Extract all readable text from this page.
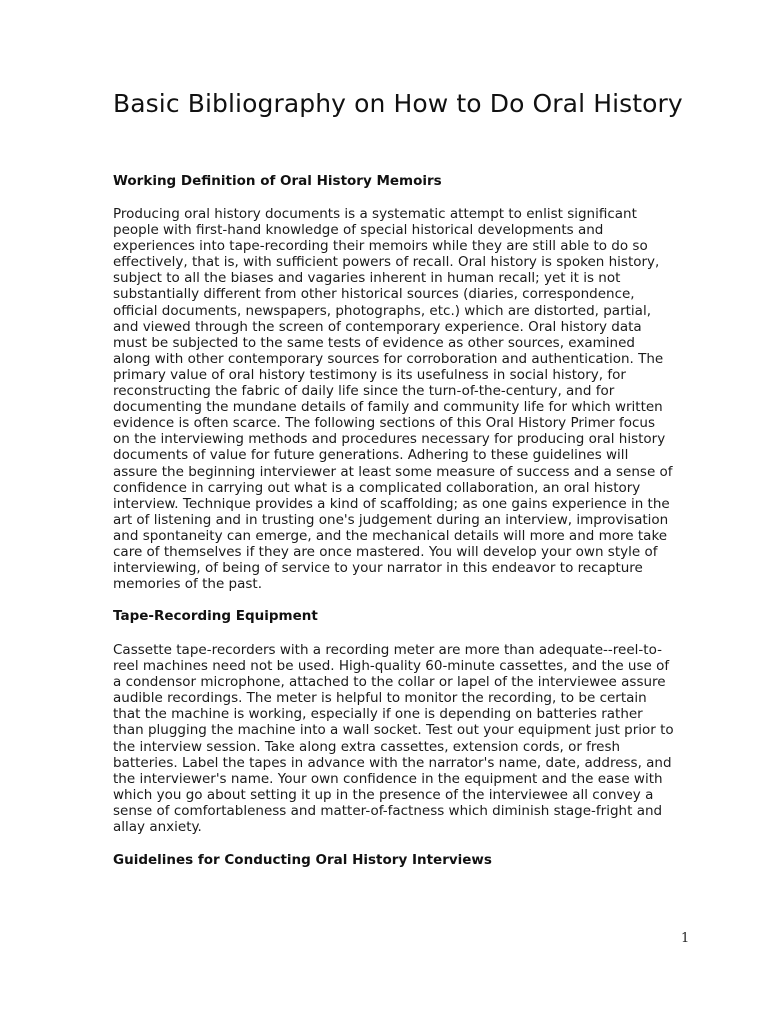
Basic Bibliography on How to Do Oral History
Working Definition of Oral History Memoirs
Producing oral history documents is a systematic attempt to enlist significant
people with first-hand knowledge of special historical developments and
experiences into tape-recording their memoirs while they are still able to do so
effectively, that is, with sufficient powers of recall. Oral history is spoken history,
subject to all the biases and vagaries inherent in human recall; yet it is not
substantially different from other historical sources (diaries, correspondence,
official documents, newspapers, photographs, etc.) which are distorted, partial,
and viewed through the screen of contemporary experience. Oral history data
must be subjected to the same tests of evidence as other sources, examined
along with other contemporary sources for corroboration and authentication. The
primary value of oral history testimony is its usefulness in social history, for
reconstructing the fabric of daily life since the turn-of-the-century, and for
documenting the mundane details of family and community life for which written
evidence is often scarce. The following sections of this Oral History Primer focus
on the interviewing methods and procedures necessary for producing oral history
documents of value for future generations. Adhering to these guidelines will
assure the beginning interviewer at least some measure of success and a sense of
confidence in carrying out what is a complicated collaboration, an oral history
interview. Technique provides a kind of scaffolding; as one gains experience in the
art of listening and in trusting one's judgement during an interview, improvisation
and spontaneity can emerge, and the mechanical details will more and more take
care of themselves if they are once mastered. You will develop your own style of
interviewing, of being of service to your narrator in this endeavor to recapture
memories of the past.
Tape-Recording Equipment
Cassette tape-recorders with a recording meter are more than adequate--reel-to-
reel machines need not be used. High-quality 60-minute cassettes, and the use of
a condensor microphone, attached to the collar or lapel of the interviewee assure
audible recordings. The meter is helpful to monitor the recording, to be certain
that the machine is working, especially if one is depending on batteries rather
than plugging the machine into a wall socket. Test out your equipment just prior to
the interview session. Take along extra cassettes, extension cords, or fresh
batteries. Label the tapes in advance with the narrator's name, date, address, and
the interviewer's name. Your own confidence in the equipment and the ease with
which you go about setting it up in the presence of the interviewee all convey a
sense of comfortableness and matter-of-factness which diminish stage-fright and
allay anxiety.
Guidelines for Conducting Oral History Interviews
1
